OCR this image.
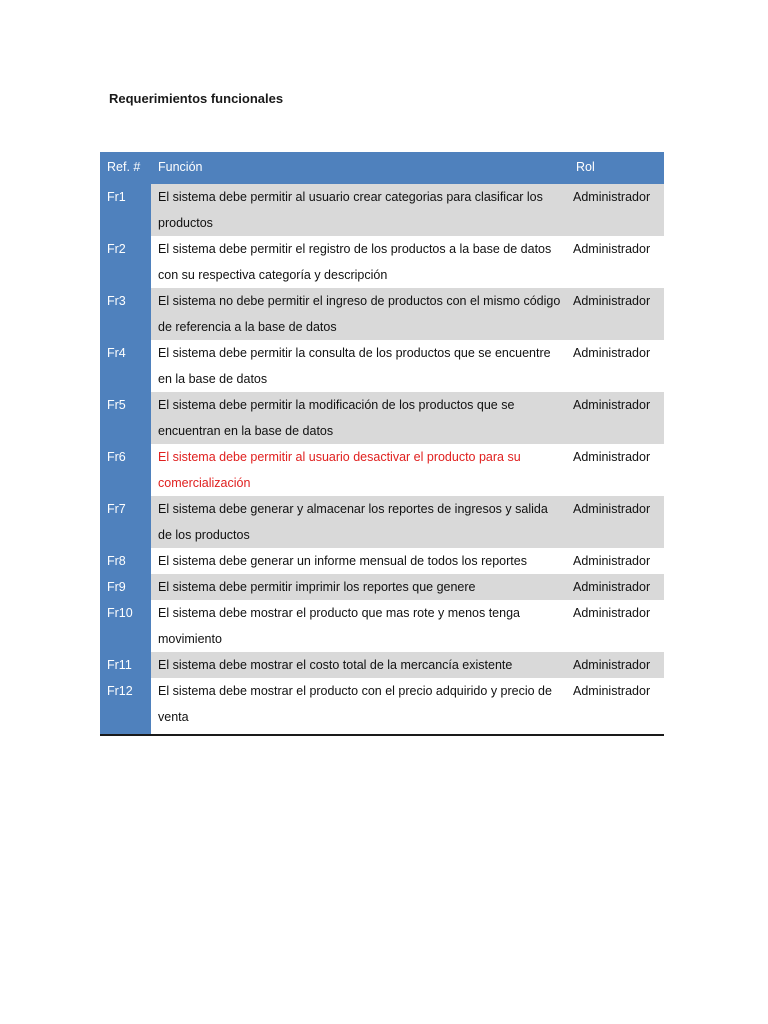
Requerimientos funcionales
Ref. #	Función	Rol
Fr1	El sistema debe permitir al usuario crear categorias para clasificar los productos	Administrador
Fr2	El sistema debe permitir el registro de los productos a la base de datos con su respectiva categoría y descripción	Administrador
Fr3	El sistema no debe permitir el ingreso de productos con el mismo código de referencia a la base de datos	Administrador
Fr4	El sistema debe permitir la consulta de los productos que se encuentre en la base de datos	Administrador
Fr5	El sistema debe permitir la modificación de los productos que se encuentran en la base de datos	Administrador
Fr6	El sistema debe permitir al usuario desactivar el producto para su comercialización	Administrador
Fr7	El sistema debe generar y almacenar los reportes de ingresos y salida de los productos	Administrador
Fr8	El sistema debe generar un informe mensual de todos los reportes	Administrador
Fr9	El sistema debe permitir imprimir los reportes que genere	Administrador
Fr10	El sistema debe mostrar el producto que mas rote y menos tenga movimiento	Administrador
Fr11	El sistema debe mostrar el costo total de la mercancía existente	Administrador
Fr12	El sistema debe mostrar el producto con el precio adquirido y precio de venta	Administrador
